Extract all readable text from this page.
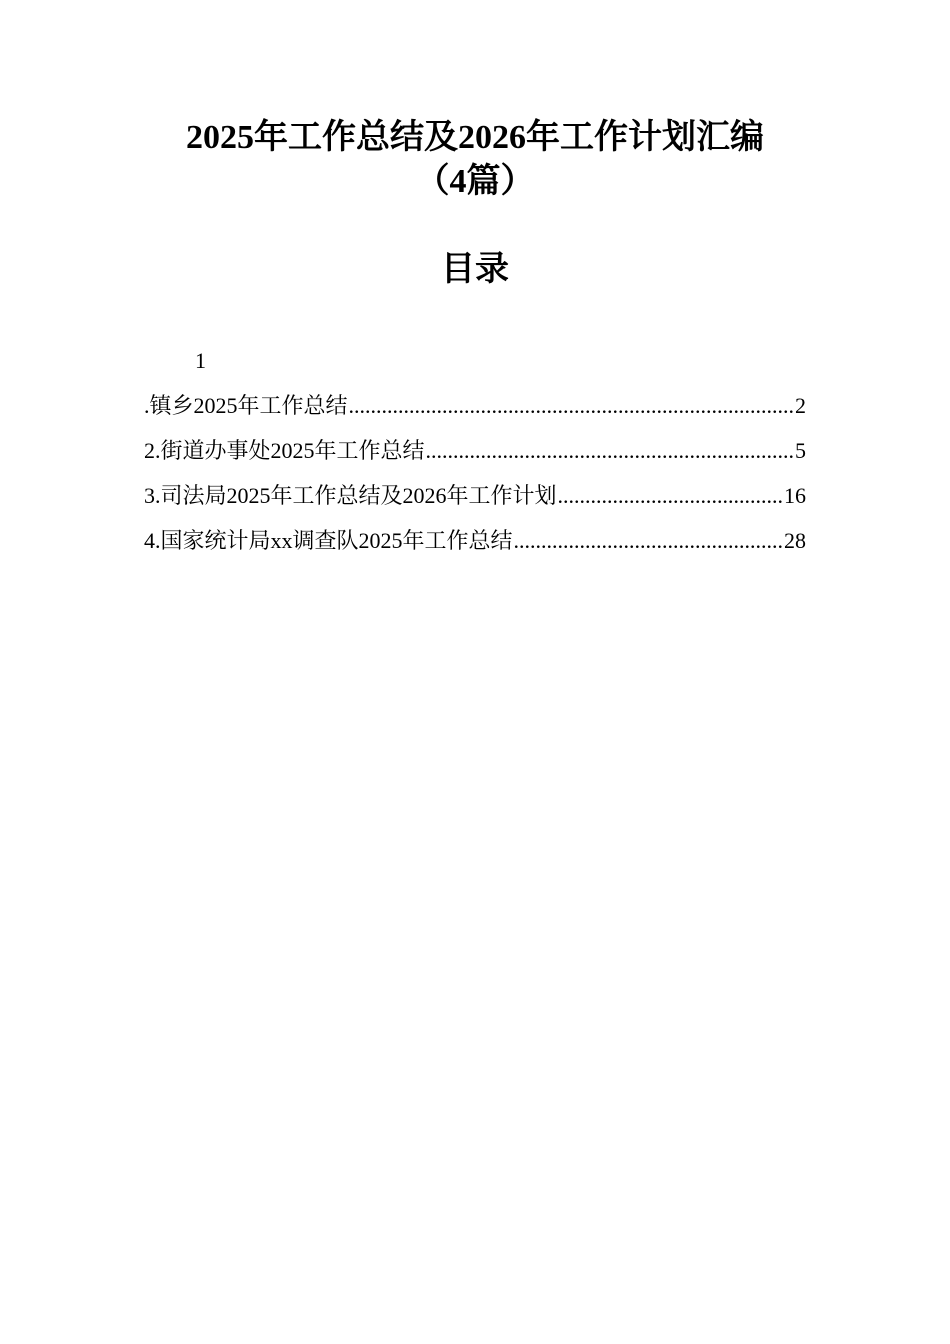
2025年工作总结及2026年工作计划汇编
（4篇）
目录
1
.镇乡2025年工作总结 .....	2
2.街道办事处2025年工作总结 .....	5
3.司法局2025年工作总结及2026年工作计划 .....	16
4.国家统计局xx调查队2025年工作总结 .....	28
